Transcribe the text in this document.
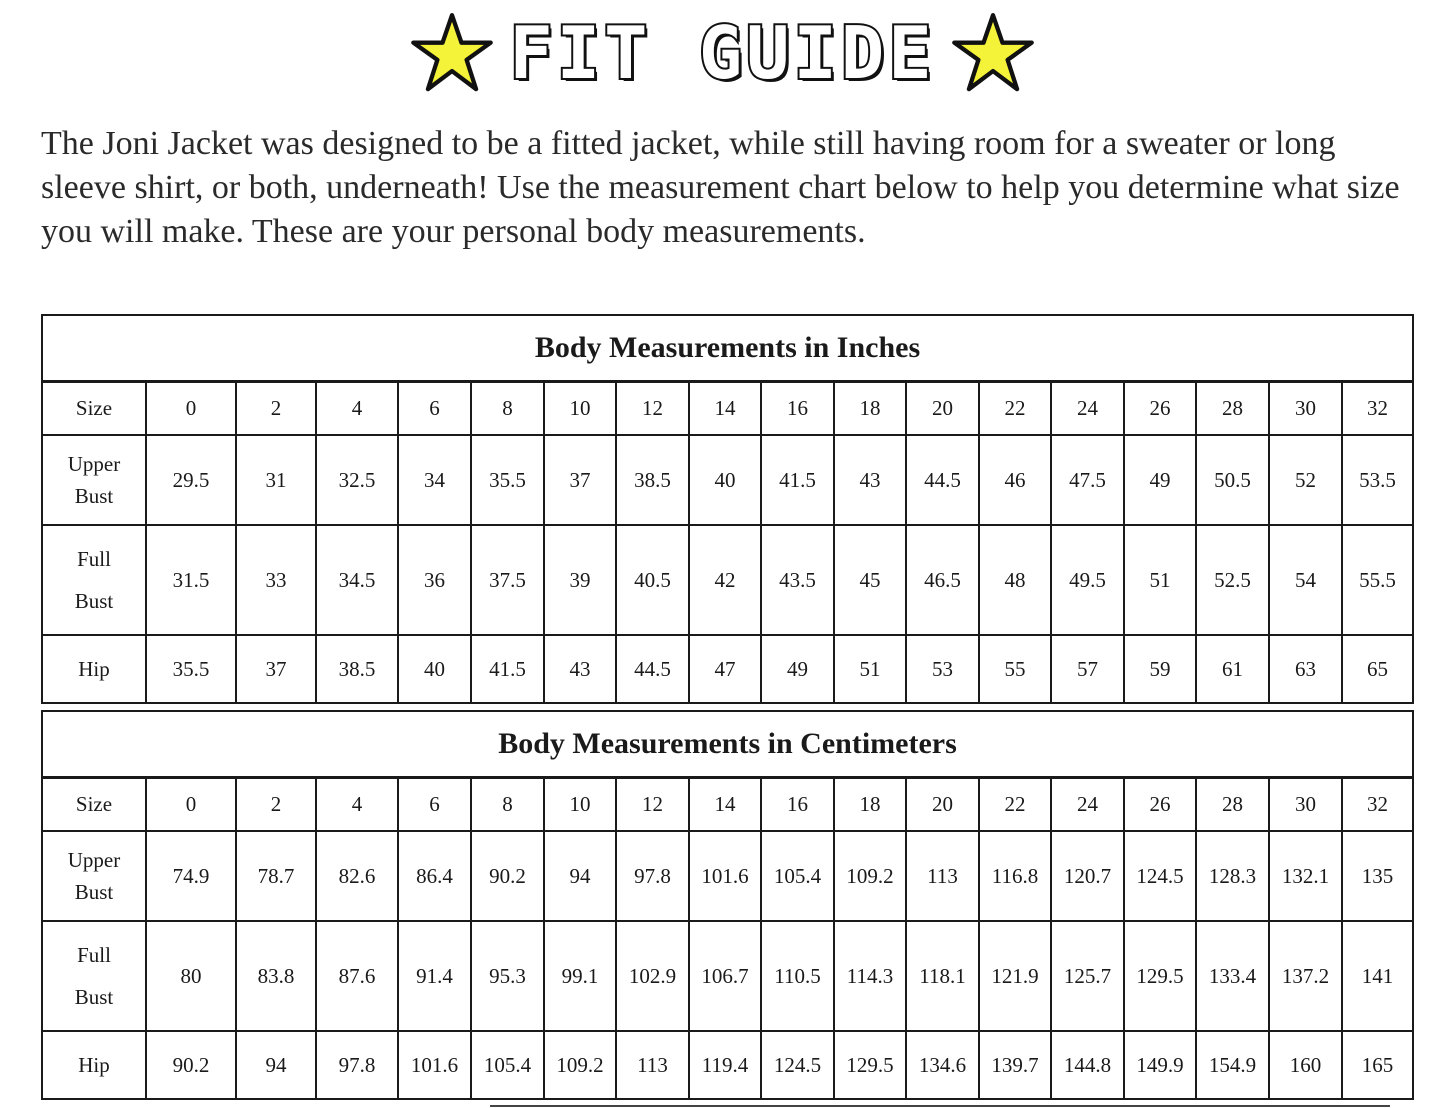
FIT GUIDE

The Joni Jacket was designed to be a fitted jacket, while still having room for a sweater or long sleeve shirt, or both, underneath! Use the measurement chart below to help you determine what size you will make. These are your personal body measurements.

Body Measurements in Inches																	
Size	0	2	4	6	8	10	12	14	16	18	20	22	24	26	28	30	32
Upper
Bust	29.5	31	32.5	34	35.5	37	38.5	40	41.5	43	44.5	46	47.5	49	50.5	52	53.5
Full
Bust	31.5	33	34.5	36	37.5	39	40.5	42	43.5	45	46.5	48	49.5	51	52.5	54	55.5
Hip	35.5	37	38.5	40	41.5	43	44.5	47	49	51	53	55	57	59	61	63	65
Body Measurements in Centimeters																	
Size	0	2	4	6	8	10	12	14	16	18	20	22	24	26	28	30	32
Upper
Bust	74.9	78.7	82.6	86.4	90.2	94	97.8	101.6	105.4	109.2	113	116.8	120.7	124.5	128.3	132.1	135
Full
Bust	80	83.8	87.6	91.4	95.3	99.1	102.9	106.7	110.5	114.3	118.1	121.9	125.7	129.5	133.4	137.2	141
Hip	90.2	94	97.8	101.6	105.4	109.2	113	119.4	124.5	129.5	134.6	139.7	144.8	149.9	154.9	160	165
